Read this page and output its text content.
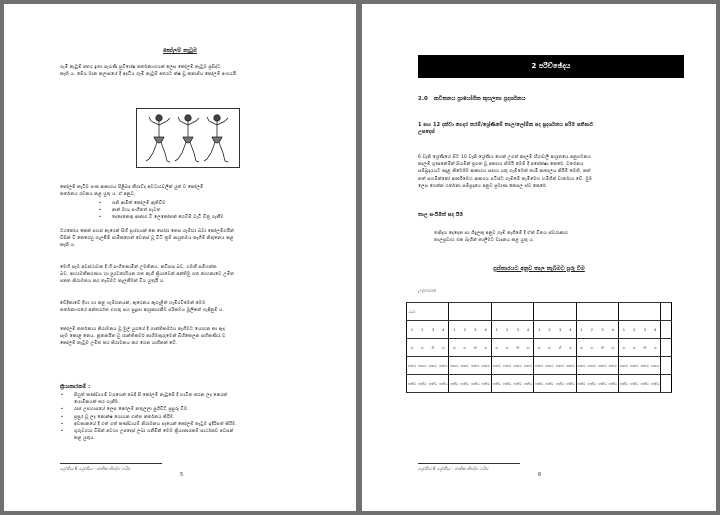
කෝලම් නැටුම
ගැමි නැටුම් අතර ඉතා පැරැණි සුවිශේෂ නර්තනාංගයක් ලෙස කෝලම් නැටුම ප්‍රසිද්ධ
කැති ය. මේය මාන කලාපයේ දී අදටිය ගැමි නැටුම් අතරට ක්ෂ වූ කනාජිය කෝලම් අංගයයි.
කෝලම් නැටීම සංක ආකාරය පිළිබඳ කීරාව්ද අවධාරවලින් යුත් ව කෝලම්
නර්තනය රචනය කළ යුතු ය. ඒ අනුව,
•	ගනි ආමිත් කෝලම් ඇතිවීම
•	ආන් මාය සංගීතත් පැවත
•	දෙදෙනෙකු ආකාර වි ලෙකෝනන් ගෙවීම් වැටි චිත්‍ර ගැනීම
ටශනෝය කෙන් පහස් නැරෙන් සිහි ප්‍රශ්ශයක් නෙ සෝරා නෙස ගැම්ඟා බවා කෝලම්ගයින්
විසින් වි කෙරෙහු ගැලපීම් පාමිකගෙන් වෙනස් වූ විධි ත්‍රම් ආශ්‍රතමය නෑගීම් නිතුනෙය කළ
කැති ය.
මෙහි සෑම අවස්ථාවක දී හී සංගීතනාමින් උමතිනය, කවිපාද බව, ගමනී සම්භන්න
බව, ආහාමනීකරණය හා පුරවතාරියන ගත නැගි ක්‍රියාවෙන් අන්තිමු ගත නාහනාවෙ උමිත
පනත කිරාමනය කර තැබීමට කැලනීමක් විය යුතුයි ය.
වේදිකාවේ දිහා හා කළ ගැම්ගනයක්, ඇරෙනය ඇගැළිත් හැමිරවීමෙන් මෙම
නර්තනාංගයේ අන්තර්ගත එහතු සහ සුදුසා ආශ්‍රකාරකීම පරිකමය මූලිකත් හැඳිනුම් ය.
කෝලම් නර්තනාය කිරාමනය වූ මුල් යුගයේ දී ශාන්තිකර්මය නැගීමට යොහන කා ඇද
සෑම කොළ නෙය. නූතනයිත වු ශාන්තිකර්ම නාගිමකුරුමෙන් බිහිකෙලන සභිකණීය ව
කෝලම් නැටුම උමිත කර කිරාමනය කර ගෙන යාගිනක් වේ.
ක්‍රියාකාරකම් :
•	පිහුත් කණ්ඩායම් වශයෙන් බෙදී සී කෝලම් නැටුමේ දී භාවිත කරන ලද කෙරක්
යොඹිකයක් කර ගැනීම.
•	රාජ උපහාසයේ ලෙස කෝලම් නතුලලා පුගිවිට් ප්‍රසුරු විම.
•	ප්‍රසුර වූ ලද නොක්ෂ යොයන ගත්ත නර්තනය කිරීම.
•	අවකානයේ දී ගත් ගත් කණ්ඩායම් නිරාමනය පැයෙන් කෝලම් නැටුම ඉදිරිපත් කිරීම.
•	ගුරුවරයා විසින් අවශ්‍ය උපදෙස් ලබා ගනීමින් මෙම ක්‍රියාකාරකම් සාර්ථකව අවසන්
කළ යුතුය.
ශ්‍රේණිය 6 ශ්‍රේණිය - ජාතික නිපදීම ගයිඩ
5
2 පරිච්ඡේදය
2.0 කවිතනය ප්‍රායෝගික කුසලතා ප්‍රදර්ශනය
1 සහ 12 දක්වා ගෙදර තරම්/ශ්‍රේණිමේ තාල/ලෝම්ක පද ප්‍රදර්ශනය පරිම පනිපාට
උපදෙස්
6 වැනි ශ්‍රේණියේ සිට 10 වැනි ශ්‍රේණිය හෙක් උගත් කාලම් හිරාවලි ආශ්‍රතයෙ අනුගමනය
කාලම් ගුණනේමින් සිරැමින් ප්‍රගත වූ අනාහා නිර්මි මෙම් දී අපේක්ෂා කෙරේ. වර්තනය
සම්බ්‍රදායයට අදාළ නිර්මේම ආකාරය සඳහා යතු ගැම්මෙන් තාමි ආතාලය කිරීම් මෙති. කත්
නත් සහමින්නෝ ආකරීමෙහ ආකරය පටිස්ට ගැම්මේ තැමිමෙහ හමිගින් වාර්තාය වේ. මුම
ලෙස ගෙන්න ගර්තනා සම්ප්‍රදායෙ අනුව ප්‍රමාණ කෙපල ස්ව කෙරේ.
තාල සංයිමිත් සද යිම
තනිදැශ දෙදෙන සා ගිදුලකු අනුව ගෑම් නැගිමේ දී ඒක් විතය ස්වරාකාර
තාලප්‍රවාහ එක බැගින් තාලිමට වාදනය කළ යුතු ය.
ප්‍රස්තාරයට අනුව තාල තැබීමට පුරු විම
උදාහරණ
ධෝං																								
1	2	3	4	1	2	3	4	1	2	3	4	1	2	3	4	1	2	3	4	1	2	3	4	
ත	ත	ති	ත	ත	ත	ති	ත	ත	ත	ති	ත	ත	ත	ති	ත	ත	ත	ති	ත	ත	ත	ති	ත	
තකට	තකට	තකට	තකට	තකට	තකට	තකට	තකට	තකට	තකට	තකට	තකට	තකට	තකට	තකට	තකට	තකට	තකට	තකට	තකට	තකට	තකට	තකට	තකට	
තකිට	තකිට	තකිට	තකිට	තකිට	තකිට	තකිට	තකිට	තකිට	තකිට	තකිට	තකිට	තකිට	තකිට	තකිට	තකිට	තකිට	තකිට	තකිට	තකිට	තකිට	තකිට	තකිට	තකිට	
ශ්‍රේණිය 6 ශ්‍රේණිය - ජාතික නිපදීම ගයිඩ
6
